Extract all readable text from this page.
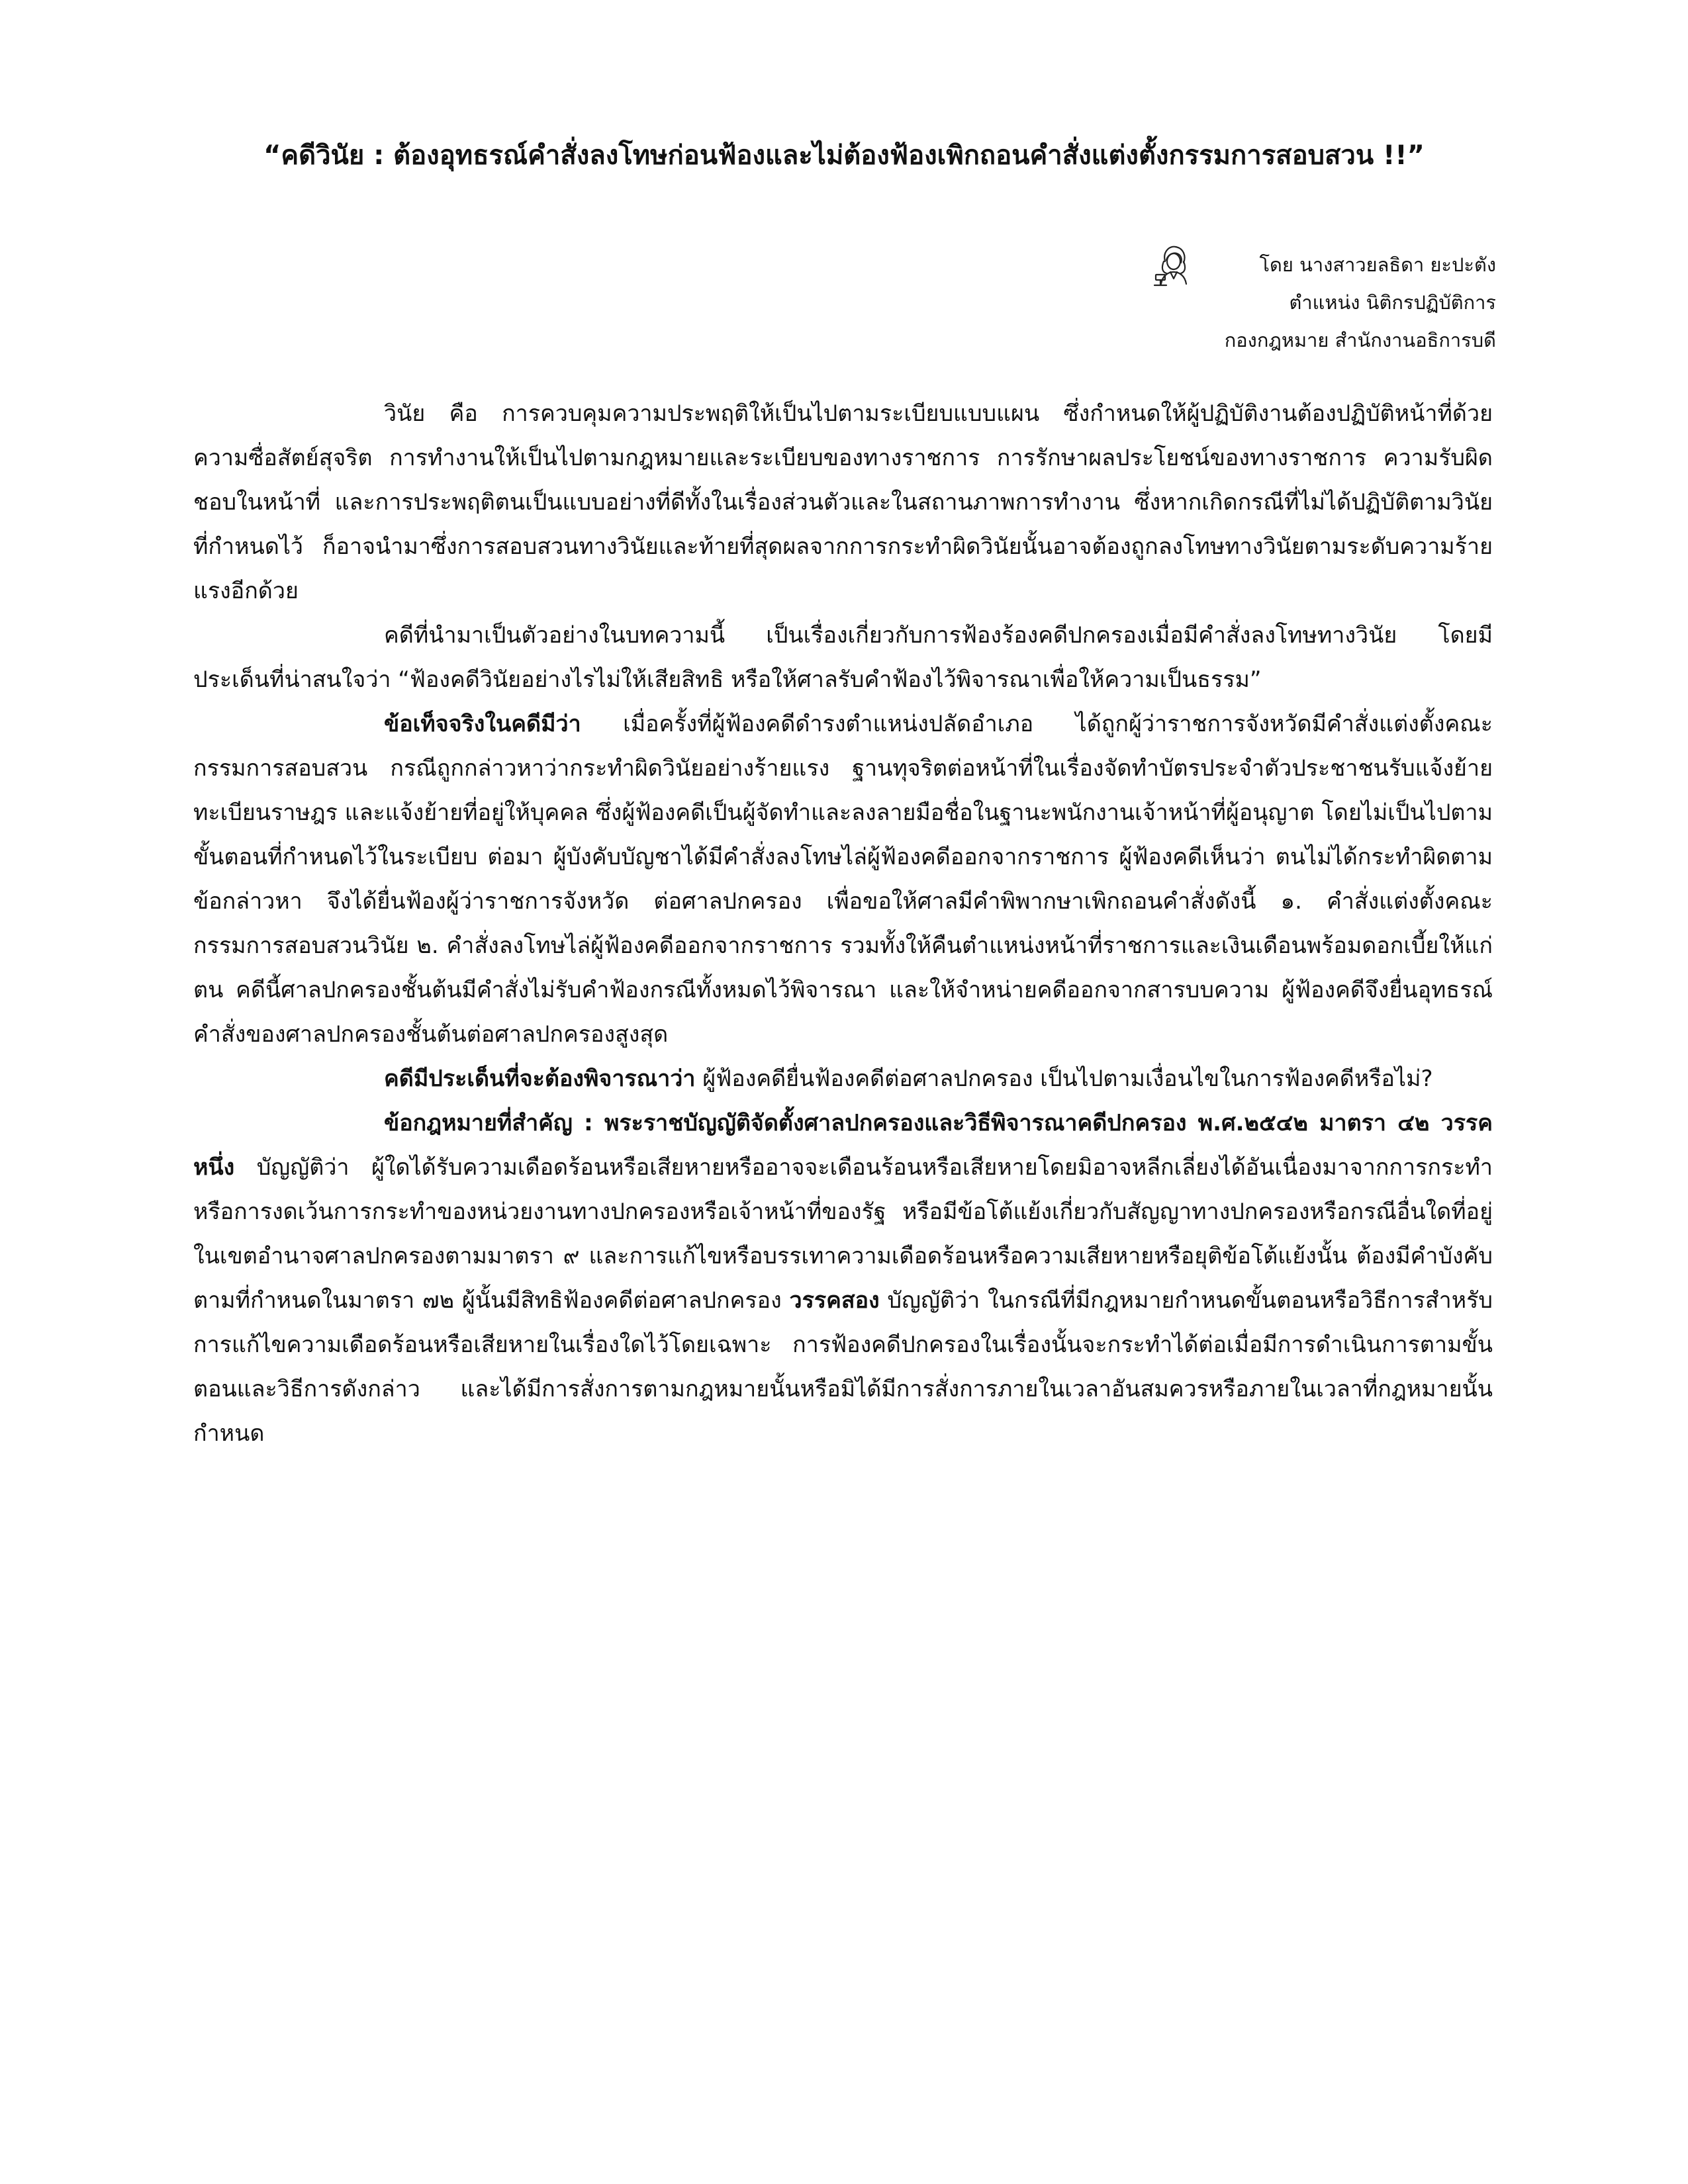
“คดีวินัย : ต้องอุทธรณ์คำสั่งลงโทษก่อนฟ้องและไม่ต้องฟ้องเพิกถอนคำสั่งแต่งตั้งกรรมการสอบสวน !!”
โดย นางสาวยลธิดา ยะปะตัง
ตำแหน่ง นิติกรปฏิบัติการ
กองกฎหมาย สำนักงานอธิการบดี

วินัย คือ การควบคุมความประพฤติให้เป็นไปตามระเบียบแบบแผน ซึ่งกำหนดให้ผู้ปฏิบัติงานต้องปฏิบัติหน้าที่ด้วยความซื่อสัตย์สุจริต การทำงานให้เป็นไปตามกฎหมายและระเบียบของทางราชการ การรักษาผลประโยชน์ของทางราชการ ความรับผิดชอบในหน้าที่ และการประพฤติตนเป็นแบบอย่างที่ดีทั้งในเรื่องส่วนตัวและในสถานภาพการทำงาน ซึ่งหากเกิดกรณีที่ไม่ได้ปฏิบัติตามวินัยที่กำหนดไว้ ก็อาจนำมาซึ่งการสอบสวนทางวินัยและท้ายที่สุดผลจากการกระทำผิดวินัยนั้นอาจต้องถูกลงโทษทางวินัยตามระดับความร้ายแรงอีกด้วย

คดีที่นำมาเป็นตัวอย่างในบทความนี้ เป็นเรื่องเกี่ยวกับการฟ้องร้องคดีปกครองเมื่อมีคำสั่งลงโทษทางวินัย โดยมีประเด็นที่น่าสนใจว่า “ฟ้องคดีวินัยอย่างไรไม่ให้เสียสิทธิ หรือให้ศาลรับคำฟ้องไว้พิจารณาเพื่อให้ความเป็นธรรม”

ข้อเท็จจริงในคดีมีว่า เมื่อครั้งที่ผู้ฟ้องคดีดำรงตำแหน่งปลัดอำเภอ ได้ถูกผู้ว่าราชการจังหวัดมีคำสั่งแต่งตั้งคณะกรรมการสอบสวน กรณีถูกกล่าวหาว่ากระทำผิดวินัยอย่างร้ายแรง ฐานทุจริตต่อหน้าที่ในเรื่องจัดทำบัตรประจำตัวประชาชนรับแจ้งย้ายทะเบียนราษฎร และแจ้งย้ายที่อยู่ให้บุคคล ซึ่งผู้ฟ้องคดีเป็นผู้จัดทำและลงลายมือชื่อในฐานะพนักงานเจ้าหน้าที่ผู้อนุญาต โดยไม่เป็นไปตามขั้นตอนที่กำหนดไว้ในระเบียบ ต่อมา ผู้บังคับบัญชาได้มีคำสั่งลงโทษไล่ผู้ฟ้องคดีออกจากราชการ ผู้ฟ้องคดีเห็นว่า ตนไม่ได้กระทำผิดตามข้อกล่าวหา จึงได้ยื่นฟ้องผู้ว่าราชการจังหวัด ต่อศาลปกครอง เพื่อขอให้ศาลมีคำพิพากษาเพิกถอนคำสั่งดังนี้ ๑. คำสั่งแต่งตั้งคณะกรรมการสอบสวนวินัย ๒. คำสั่งลงโทษไล่ผู้ฟ้องคดีออกจากราชการ รวมทั้งให้คืนตำแหน่งหน้าที่ราชการและเงินเดือนพร้อมดอกเบี้ยให้แก่ตน คดีนี้ศาลปกครองชั้นต้นมีคำสั่งไม่รับคำฟ้องกรณีทั้งหมดไว้พิจารณา และให้จำหน่ายคดีออกจากสารบบความ ผู้ฟ้องคดีจึงยื่นอุทธรณ์คำสั่งของศาลปกครองชั้นต้นต่อศาลปกครองสูงสุด

คดีมีประเด็นที่จะต้องพิจารณาว่า ผู้ฟ้องคดียื่นฟ้องคดีต่อศาลปกครอง เป็นไปตามเงื่อนไขในการฟ้องคดีหรือไม่?

ข้อกฎหมายที่สำคัญ : พระราชบัญญัติจัดตั้งศาลปกครองและวิธีพิจารณาคดีปกครอง พ.ศ.๒๕๔๒ มาตรา ๔๒ วรรคหนึ่ง บัญญัติว่า ผู้ใดได้รับความเดือดร้อนหรือเสียหายหรืออาจจะเดือนร้อนหรือเสียหายโดยมิอาจหลีกเลี่ยงได้อันเนื่องมาจากการกระทำหรือการงดเว้นการกระทำของหน่วยงานทางปกครองหรือเจ้าหน้าที่ของรัฐ หรือมีข้อโต้แย้งเกี่ยวกับสัญญาทางปกครองหรือกรณีอื่นใดที่อยู่ในเขตอำนาจศาลปกครองตามมาตรา ๙ และการแก้ไขหรือบรรเทาความเดือดร้อนหรือความเสียหายหรือยุติข้อโต้แย้งนั้น ต้องมีคำบังคับตามที่กำหนดในมาตรา ๗๒ ผู้นั้นมีสิทธิฟ้องคดีต่อศาลปกครอง วรรคสอง บัญญัติว่า ในกรณีที่มีกฎหมายกำหนดขั้นตอนหรือวิธีการสำหรับการแก้ไขความเดือดร้อนหรือเสียหายในเรื่องใดไว้โดยเฉพาะ การฟ้องคดีปกครองในเรื่องนั้นจะกระทำได้ต่อเมื่อมีการดำเนินการตามขั้นตอนและวิธีการดังกล่าว และได้มีการสั่งการตามกฎหมายนั้นหรือมิได้มีการสั่งการภายในเวลาอันสมควรหรือภายในเวลาที่กฎหมายนั้นกำหนด
